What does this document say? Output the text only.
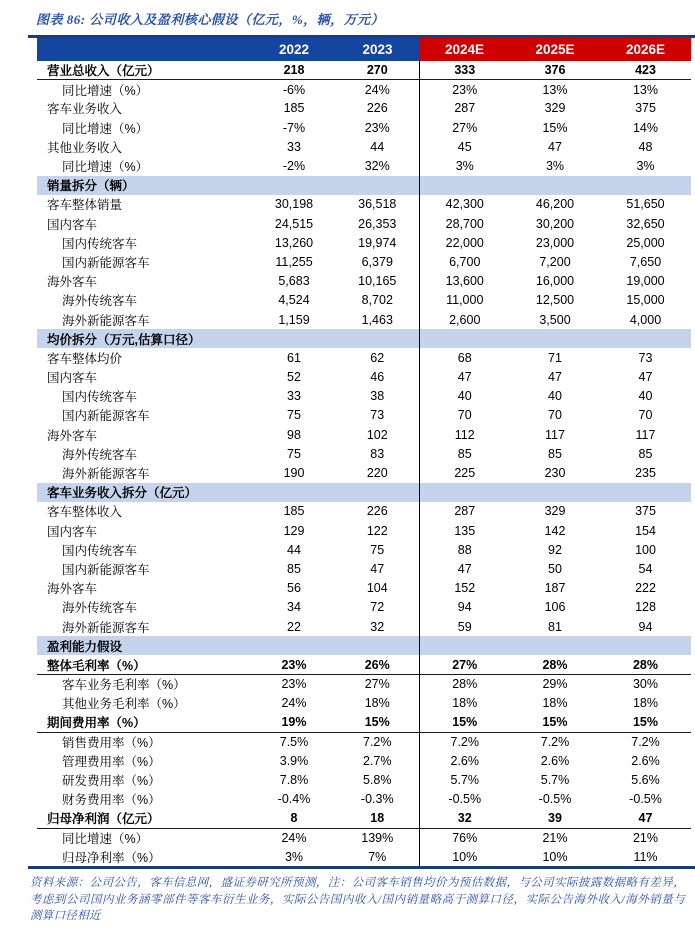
图表 86: 公司收入及盈利核心假设（亿元，%，辆，万元）
	2022	2023	2024E	2025E	2026E
营业总收入（亿元）	218	270	333	376	423
同比增速（%）	-6%	24%	23%	13%	13%
客车业务收入	185	226	287	329	375
同比增速（%）	-7%	23%	27%	15%	14%
其他业务收入	33	44	45	47	48
同比增速（%）	-2%	32%	3%	3%	3%
销量拆分（辆）					
客车整体销量	30,198	36,518	42,300	46,200	51,650
国内客车	24,515	26,353	28,700	30,200	32,650
国内传统客车	13,260	19,974	22,000	23,000	25,000
国内新能源客车	11,255	6,379	6,700	7,200	7,650
海外客车	5,683	10,165	13,600	16,000	19,000
海外传统客车	4,524	8,702	11,000	12,500	15,000
海外新能源客车	1,159	1,463	2,600	3,500	4,000
均价拆分（万元,估算口径）					
客车整体均价	61	62	68	71	73
国内客车	52	46	47	47	47
国内传统客车	33	38	40	40	40
国内新能源客车	75	73	70	70	70
海外客车	98	102	112	117	117
海外传统客车	75	83	85	85	85
海外新能源客车	190	220	225	230	235
客车业务收入拆分（亿元）					
客车整体收入	185	226	287	329	375
国内客车	129	122	135	142	154
国内传统客车	44	75	88	92	100
国内新能源客车	85	47	47	50	54
海外客车	56	104	152	187	222
海外传统客车	34	72	94	106	128
海外新能源客车	22	32	59	81	94
盈利能力假设					
整体毛利率（%）	23%	26%	27%	28%	28%
客车业务毛利率（%）	23%	27%	28%	29%	30%
其他业务毛利率（%）	24%	18%	18%	18%	18%
期间费用率（%）	19%	15%	15%	15%	15%
销售费用率（%）	7.5%	7.2%	7.2%	7.2%	7.2%
管理费用率（%）	3.9%	2.7%	2.6%	2.6%	2.6%
研发费用率（%）	7.8%	5.8%	5.7%	5.7%	5.6%
财务费用率（%）	-0.4%	-0.3%	-0.5%	-0.5%	-0.5%
归母净利润（亿元）	8	18	32	39	47
同比增速（%）	24%	139%	76%	21%	21%
归母净利率（%）	3%	7%	10%	10%	11%
资料来源：公司公告，客车信息网，盛证券研究所预测，注：公司客车销售均价为预估数据，与公司实际披露数据略有差异，考虑到公司国内业务涵零部件等客车衍生业务，实际公告国内收入/国内销量略高于测算口径，实际公告海外收入/海外销量与测算口径相近
